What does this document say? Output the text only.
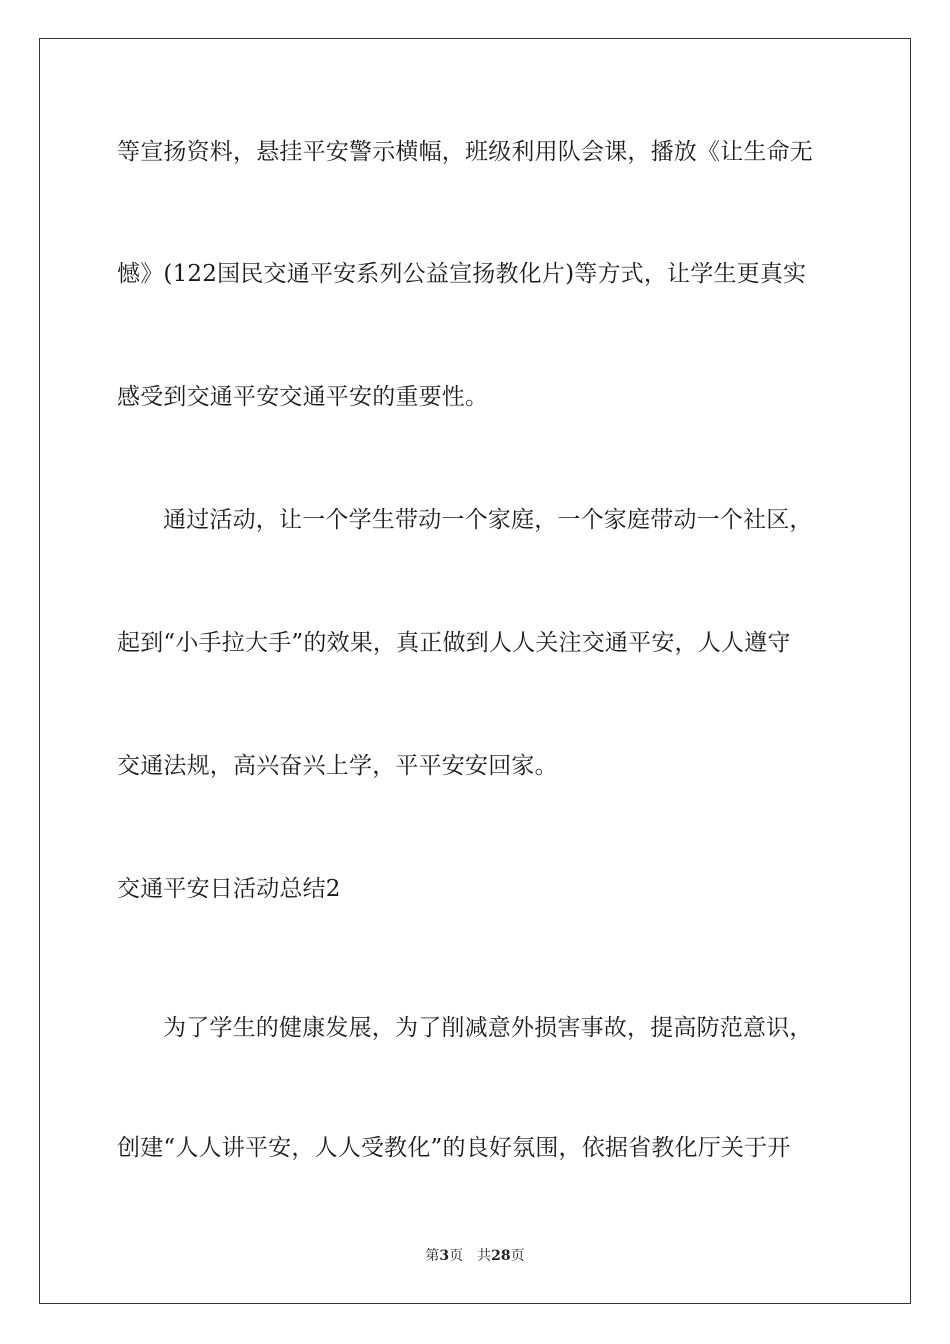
等宣扬资料，悬挂平安警示横幅，班级利用队会课，播放《让生命无
憾》(122国民交通平安系列公益宣扬教化片)等方式，让学生更真实
感受到交通平安交通平安的重要性。
通过活动，让一个学生带动一个家庭，一个家庭带动一个社区，
起到“小手拉大手”的效果，真正做到人人关注交通平安，人人遵守
交通法规，高兴奋兴上学，平平安安回家。
交通平安日活动总结2
为了学生的健康发展，为了削减意外损害事故，提高防范意识，
创建“人人讲平安，人人受教化”的良好氛围，依据省教化厅关于开
第3页 共28页
